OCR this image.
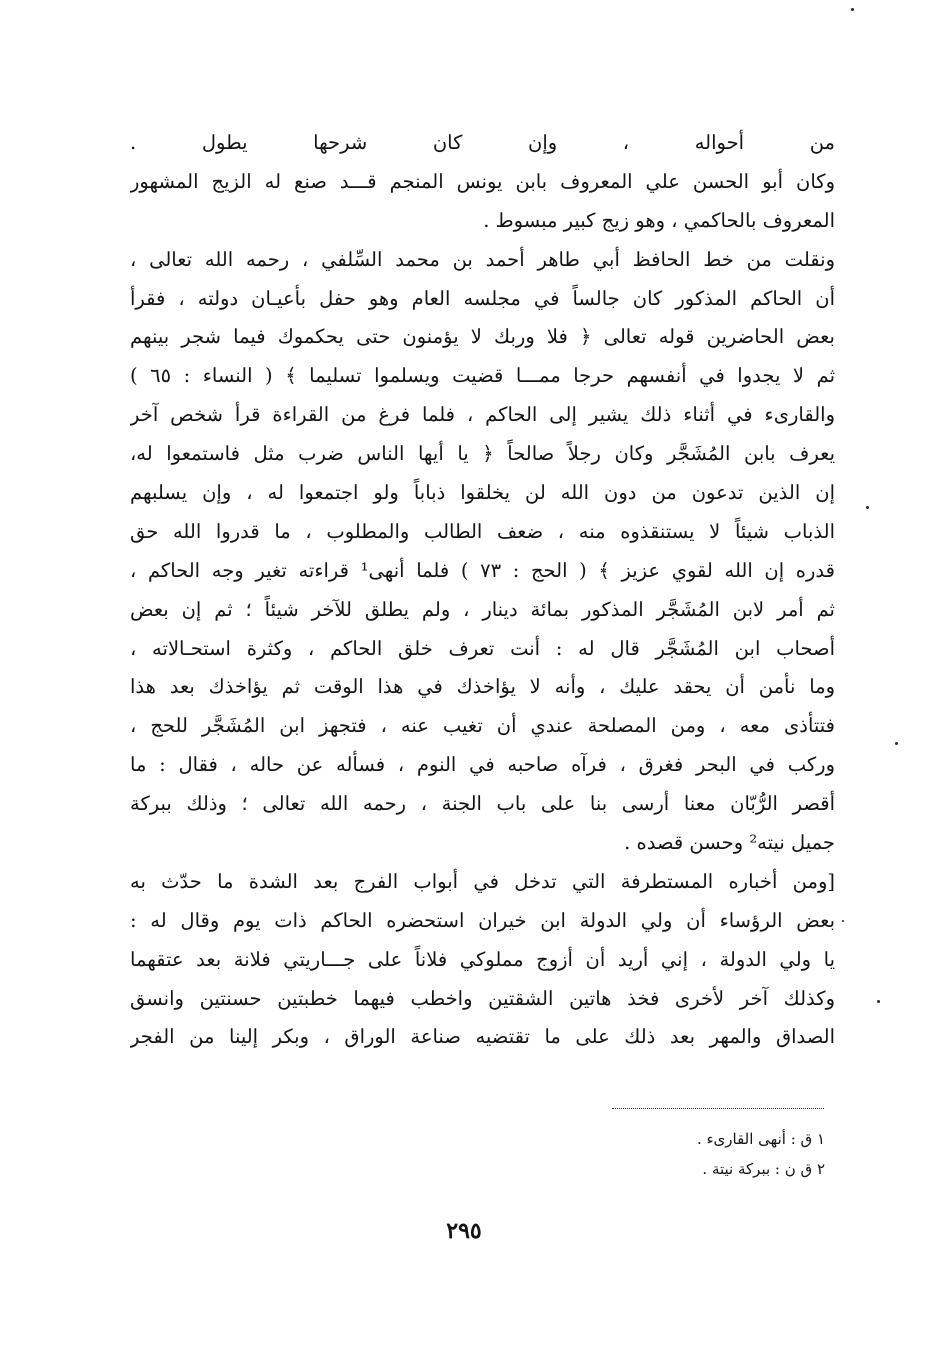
من أحواله ، وإن كان شرحها يطول .
وكان أبو الحسن علي المعروف بابن يونس المنجم قـــد صنع له الزيج المشهور
المعروف بالحاكمي ، وهو زيج كبير مبسوط .
ونقلت من خط الحافظ أبي طاهر أحمد بن محمد السِّلفي ، رحمه الله تعالى ،
أن الحاكم المذكور كان جالساً في مجلسه العام وهو حفل بأعيـان دولته ، فقرأ
بعض الحاضرين قوله تعالى ﴿ فلا وربك لا يؤمنون حتى يحكموك فيما شجر بينهم
ثم لا يجدوا في أنفسهم حرجا ممـــا قضيت ويسلموا تسليما ﴾ ( النساء : ٦٥ )
والقارىء في أثناء ذلك يشير إلى الحاكم ، فلما فرغ من القراءة قرأ شخص آخر
يعرف بابن المُشَجَّر وكان رجلاً صالحاً ﴿ يا أيها الناس ضرب مثل فاستمعوا له،
إن الذين تدعون من دون الله لن يخلقوا ذباباً ولو اجتمعوا له ، وإن يسلبهم
الذباب شيئاً لا يستنقذوه منه ، ضعف الطالب والمطلوب ، ما قدروا الله حق
قدره إن الله لقوي عزيز ﴾ ( الحج : ٧٣ ) فلما أنهى¹ قراءته تغير وجه الحاكم ،
ثم أمر لابن المُشَجَّر المذكور بمائة دينار ، ولم يطلق للآخر شيئاً ؛ ثم إن بعض
أصحاب ابن المُشَجَّر قال له : أنت تعرف خلق الحاكم ، وكثرة استحـالاته ،
وما نأمن أن يحقد عليك ، وأنه لا يؤاخذك في هذا الوقت ثم يؤاخذك بعد هذا
فتتأذى معه ، ومن المصلحة عندي أن تغيب عنه ، فتجهز ابن المُشَجَّر للحج ،
وركب في البحر فغرق ، فرآه صاحبه في النوم ، فسأله عن حاله ، فقال : ما
أقصر الرُّبّان معنا أرسى بنا على باب الجنة ، رحمه الله تعالى ؛ وذلك ببركة
جميل نيته² وحسن قصده .
[ومن أخباره المستطرفة التي تدخل في أبواب الفرج بعد الشدة ما حدّث به
بعض الرؤساء أن ولي الدولة ابن خيران استحضره الحاكم ذات يوم وقال له :
يا ولي الدولة ، إني أريد أن أزوج مملوكي فلاناً على جـــاريتي فلانة بعد عتقهما
وكذلك آخر لأخرى فخذ هاتين الشقتين واخطب فيهما خطبتين حسنتين وانسق
الصداق والمهر بعد ذلك على ما تقتضيه صناعة الوراق ، وبكر إلينا من الفجر
١ ق : أنهى القارىء .
٢ ق ن : ببركة نيتة .
٢٩٥
